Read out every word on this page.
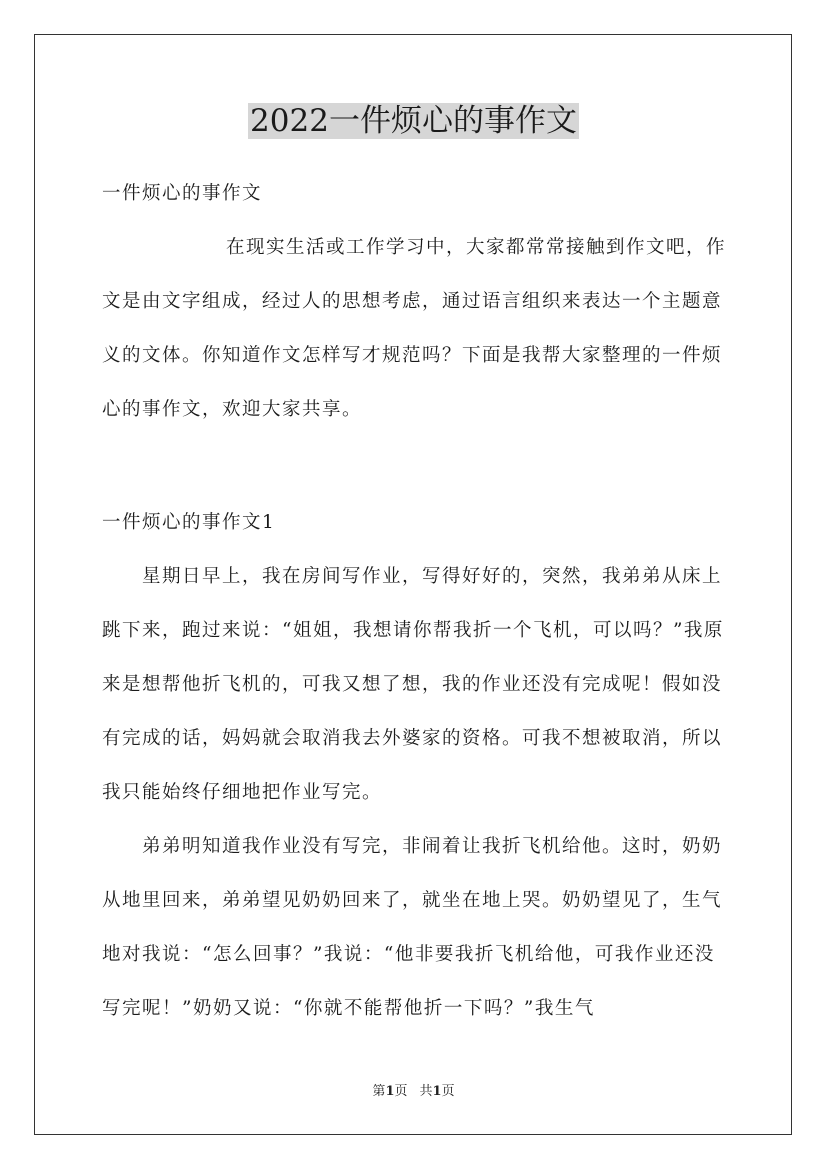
2022一件烦心的事作文
一件烦心的事作文
在现实生活或工作学习中，大家都常常接触到作文吧，作文是由文字组成，经过人的思想考虑，通过语言组织来表达一个主题意义的文体。你知道作文怎样写才规范吗？下面是我帮大家整理的一件烦心的事作文，欢迎大家共享。
一件烦心的事作文1

星期日早上，我在房间写作业，写得好好的，突然，我弟弟从床上跳下来，跑过来说：“姐姐，我想请你帮我折一个飞机，可以吗？”我原来是想帮他折飞机的，可我又想了想，我的作业还没有完成呢！假如没有完成的话，妈妈就会取消我去外婆家的资格。可我不想被取消，所以我只能始终仔细地把作业写完。

弟弟明知道我作业没有写完，非闹着让我折飞机给他。这时，奶奶从地里回来，弟弟望见奶奶回来了，就坐在地上哭。奶奶望见了，生气地对我说：“怎么回事？”我说：“他非要我折飞机给他，可我作业还没写完呢！”奶奶又说：“你就不能帮他折一下吗？”我生气

第1页 共1页
